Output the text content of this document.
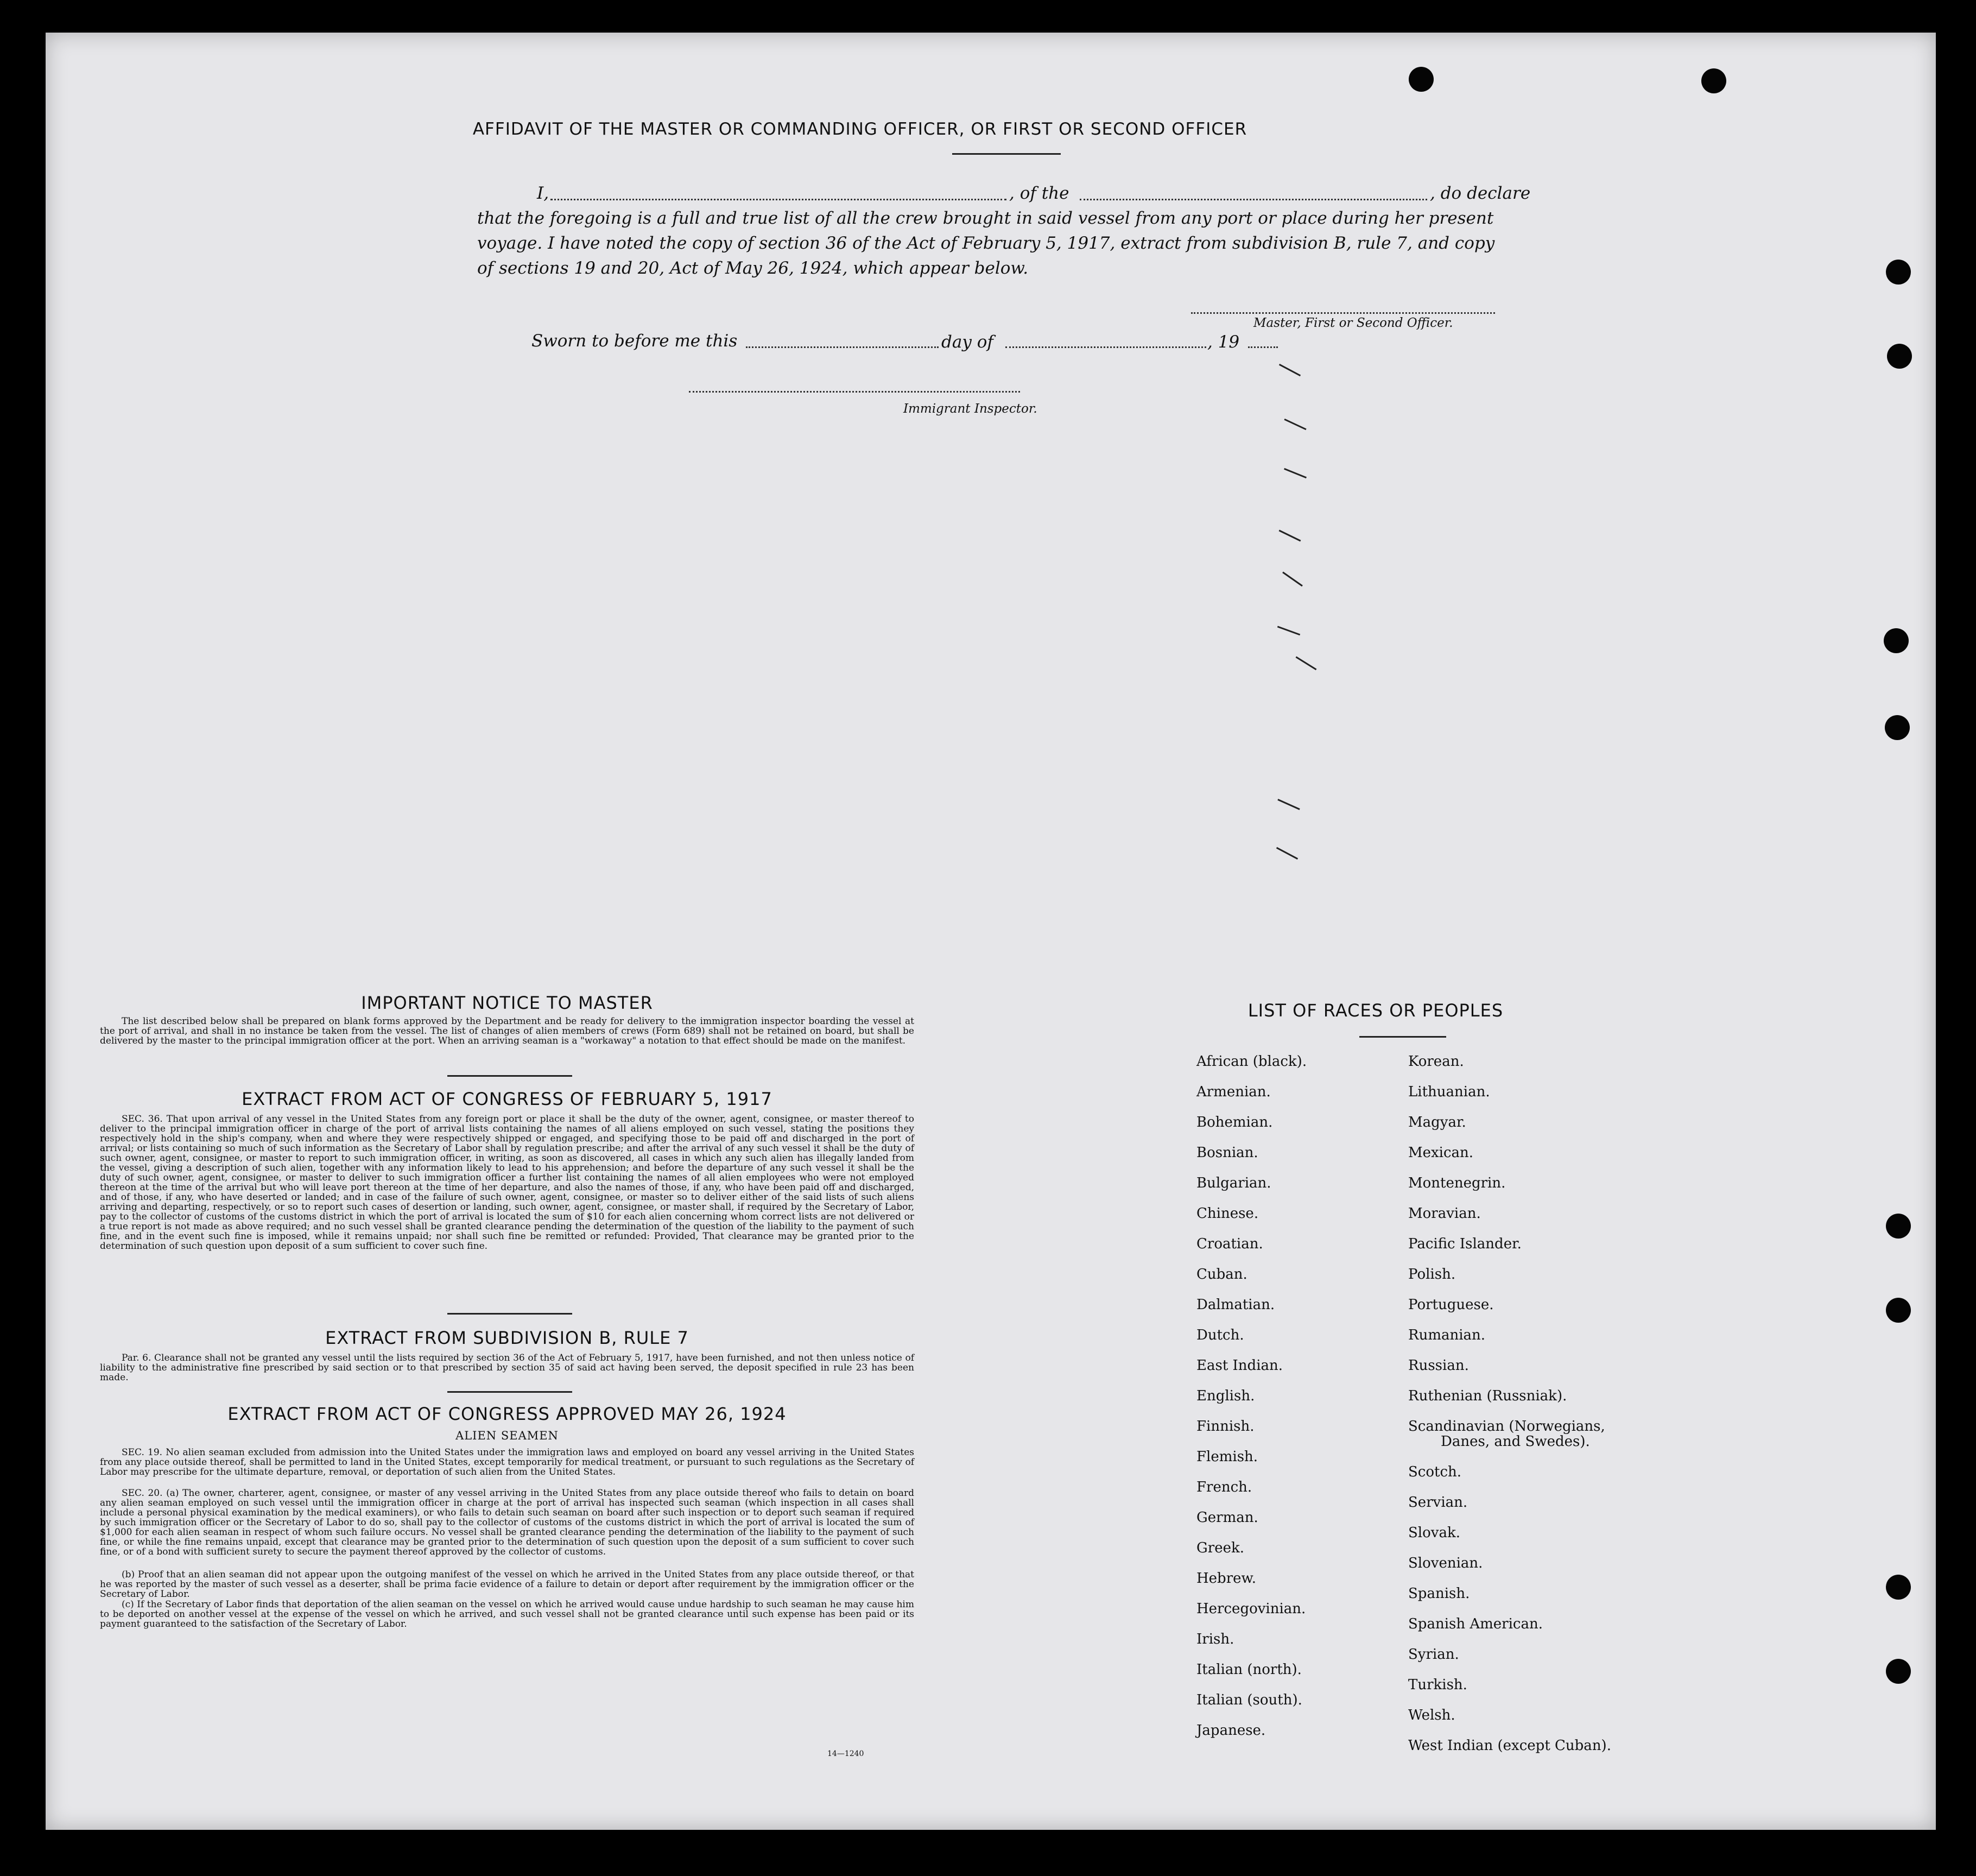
AFFIDAVIT OF THE MASTER OR COMMANDING OFFICER, OR FIRST OR SECOND OFFICER
I,	, of the	, do declare
that the foregoing is a full and true list of all the crew brought in said vessel from any port or place during her present
voyage. I have noted the copy of section 36 of the Act of February 5, 1917, extract from subdivision B, rule 7, and copy
of sections 19 and 20, Act of May 26, 1924, which appear below.
Master, First or Second Officer.
Sworn to before me this	day of	, 19
Immigrant Inspector.
IMPORTANT NOTICE TO MASTER
The list described below shall be prepared on blank forms approved by the Department and be ready for delivery to the immigration inspector boarding the vessel at the port of arrival, and shall in no instance be taken from the vessel. The list of changes of alien members of crews (Form 689) shall not be retained on board, but shall be delivered by the master to the principal immigration officer at the port. When an arriving seaman is a "workaway" a notation to that effect should be made on the manifest.
EXTRACT FROM ACT OF CONGRESS OF FEBRUARY 5, 1917
SEC. 36. That upon arrival of any vessel in the United States from any foreign port or place it shall be the duty of the owner, agent, consignee, or master thereof to deliver to the principal immigration officer in charge of the port of arrival lists containing the names of all aliens employed on such vessel, stating the positions they respectively hold in the ship's company, when and where they were respectively shipped or engaged, and specifying those to be paid off and discharged in the port of arrival; or lists containing so much of such information as the Secretary of Labor shall by regulation prescribe; and after the arrival of any such vessel it shall be the duty of such owner, agent, consignee, or master to report to such immigration officer, in writing, as soon as discovered, all cases in which any such alien has illegally landed from the vessel, giving a description of such alien, together with any information likely to lead to his apprehension; and before the departure of any such vessel it shall be the duty of such owner, agent, consignee, or master to deliver to such immigration officer a further list containing the names of all alien employees who were not employed thereon at the time of the arrival but who will leave port thereon at the time of her departure, and also the names of those, if any, who have been paid off and discharged, and of those, if any, who have deserted or landed; and in case of the failure of such owner, agent, consignee, or master so to deliver either of the said lists of such aliens arriving and departing, respectively, or so to report such cases of desertion or landing, such owner, agent, consignee, or master shall, if required by the Secretary of Labor, pay to the collector of customs of the customs district in which the port of arrival is located the sum of $10 for each alien concerning whom correct lists are not delivered or a true report is not made as above required; and no such vessel shall be granted clearance pending the determination of the question of the liability to the payment of such fine, and in the event such fine is imposed, while it remains unpaid; nor shall such fine be remitted or refunded: Provided, That clearance may be granted prior to the determination of such question upon deposit of a sum sufficient to cover such fine.
EXTRACT FROM SUBDIVISION B, RULE 7
Par. 6. Clearance shall not be granted any vessel until the lists required by section 36 of the Act of February 5, 1917, have been furnished, and not then unless notice of liability to the administrative fine prescribed by said section or to that prescribed by section 35 of said act having been served, the deposit specified in rule 23 has been made.
EXTRACT FROM ACT OF CONGRESS APPROVED MAY 26, 1924
ALIEN SEAMEN
SEC. 19. No alien seaman excluded from admission into the United States under the immigration laws and employed on board any vessel arriving in the United States from any place outside thereof, shall be permitted to land in the United States, except temporarily for medical treatment, or pursuant to such regulations as the Secretary of Labor may prescribe for the ultimate departure, removal, or deportation of such alien from the United States.
SEC. 20. (a) The owner, charterer, agent, consignee, or master of any vessel arriving in the United States from any place outside thereof who fails to detain on board any alien seaman employed on such vessel until the immigration officer in charge at the port of arrival has inspected such seaman (which inspection in all cases shall include a personal physical examination by the medical examiners), or who fails to detain such seaman on board after such inspection or to deport such seaman if required by such immigration officer or the Secretary of Labor to do so, shall pay to the collector of customs of the customs district in which the port of arrival is located the sum of $1,000 for each alien seaman in respect of whom such failure occurs. No vessel shall be granted clearance pending the determination of the liability to the payment of such fine, or while the fine remains unpaid, except that clearance may be granted prior to the determination of such question upon the deposit of a sum sufficient to cover such fine, or of a bond with sufficient surety to secure the payment thereof approved by the collector of customs.
(b) Proof that an alien seaman did not appear upon the outgoing manifest of the vessel on which he arrived in the United States from any place outside thereof, or that he was reported by the master of such vessel as a deserter, shall be prima facie evidence of a failure to detain or deport after requirement by the immigration officer or the Secretary of Labor.
(c) If the Secretary of Labor finds that deportation of the alien seaman on the vessel on which he arrived would cause undue hardship to such seaman he may cause him to be deported on another vessel at the expense of the vessel on which he arrived, and such vessel shall not be granted clearance until such expense has been paid or its payment guaranteed to the satisfaction of the Secretary of Labor.
14—1240
LIST OF RACES OR PEOPLES
African (black).
Armenian.
Bohemian.
Bosnian.
Bulgarian.
Chinese.
Croatian.
Cuban.
Dalmatian.
Dutch.
East Indian.
English.
Finnish.
Flemish.
French.
German.
Greek.
Hebrew.
Hercegovinian.
Irish.
Italian (north).
Italian (south).
Japanese.
Korean.
Lithuanian.
Magyar.
Mexican.
Montenegrin.
Moravian.
Pacific Islander.
Polish.
Portuguese.
Rumanian.
Russian.
Ruthenian (Russniak).
Scandinavian (Norwegians,
Danes, and Swedes).
Scotch.
Servian.
Slovak.
Slovenian.
Spanish.
Spanish American.
Syrian.
Turkish.
Welsh.
West Indian (except Cuban).
